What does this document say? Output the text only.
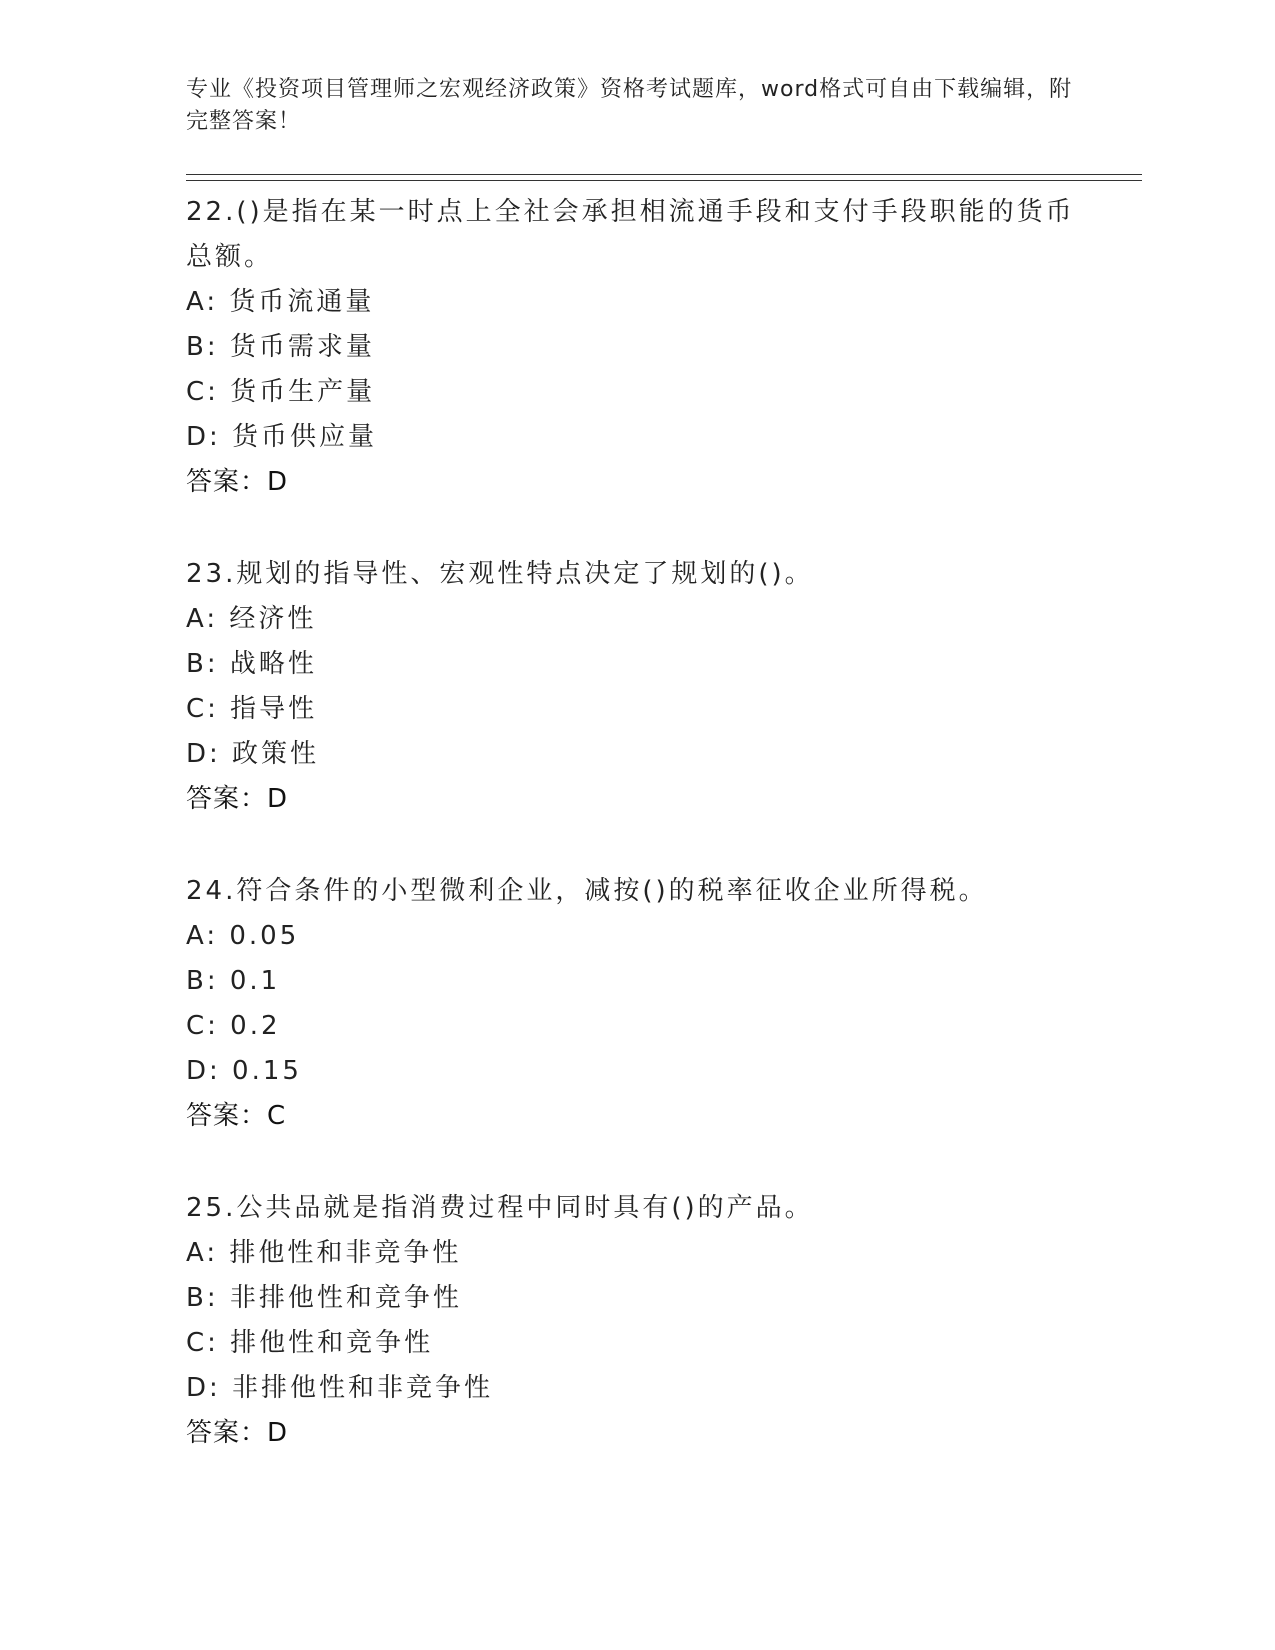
专业《投资项目管理师之宏观经济政策》资格考试题库，word格式可自由下载编辑，附完整答案！
22.()是指在某一时点上全社会承担相流通手段和支付手段职能的货币
总额。
A: 货币流通量
B: 货币需求量
C: 货币生产量
D: 货币供应量
答案：D
23.规划的指导性、宏观性特点决定了规划的()。
A: 经济性
B: 战略性
C: 指导性
D: 政策性
答案：D
24.符合条件的小型微利企业，减按()的税率征收企业所得税。
A: 0.05
B: 0.1
C: 0.2
D: 0.15
答案：C
25.公共品就是指消费过程中同时具有()的产品。
A: 排他性和非竞争性
B: 非排他性和竞争性
C: 排他性和竞争性
D: 非排他性和非竞争性
答案：D
